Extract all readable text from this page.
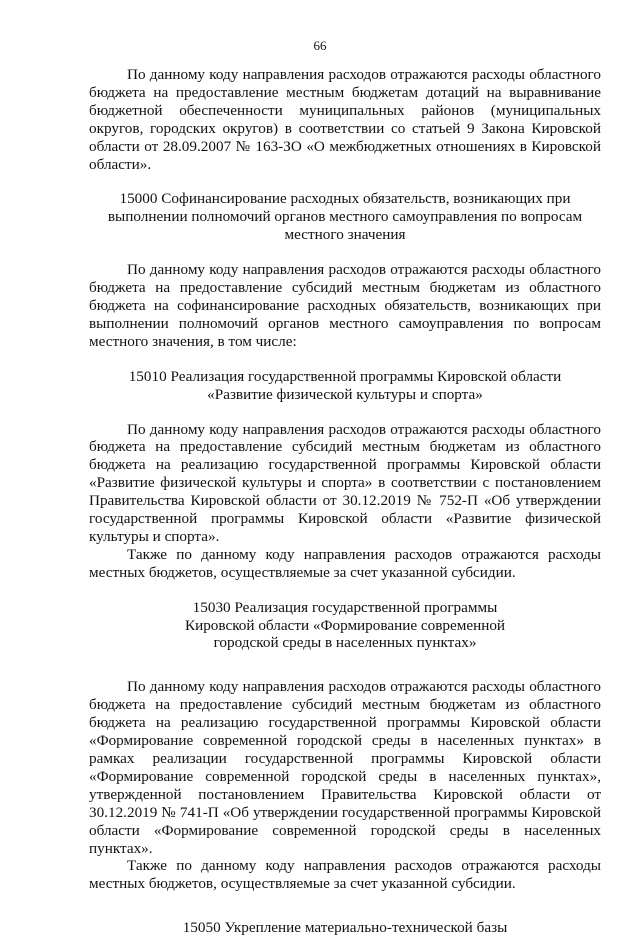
66

По данному коду направления расходов отражаются расходы областного бюджета на предоставление местным бюджетам дотаций на выравнивание бюджетной обеспеченности муниципальных районов (муниципальных округов, городских округов) в соответствии со статьей 9 Закона Кировской области от 28.09.2007 № 163-ЗО «О межбюджетных отношениях в Кировской области».

15000 Софинансирование расходных обязательств, возникающих при выполнении полномочий органов местного самоуправления по вопросам местного значения

По данному коду направления расходов отражаются расходы областного бюджета на предоставление субсидий местным бюджетам из областного бюджета на софинансирование расходных обязательств, возникающих при выполнении полномочий органов местного самоуправления по вопросам местного значения, в том числе:

15010 Реализация государственной программы Кировской области «Развитие физической культуры и спорта»

По данному коду направления расходов отражаются расходы областного бюджета на предоставление субсидий местным бюджетам из областного бюджета на реализацию государственной программы Кировской области «Развитие физической культуры и спорта» в соответствии с постановлением Правительства Кировской области от 30.12.2019 № 752-П «Об утверждении государственной программы Кировской области «Развитие физической культуры и спорта».

Также по данному коду направления расходов отражаются расходы местных бюджетов, осуществляемые за счет указанной субсидии.

15030 Реализация государственной программы Кировской области «Формирование современной городской среды в населенных пунктах»

По данному коду направления расходов отражаются расходы областного бюджета на предоставление субсидий местным бюджетам из областного бюджета на реализацию государственной программы Кировской области «Формирование современной городской среды в населенных пунктах» в рамках реализации государственной программы Кировской области «Формирование современной городской среды в населенных пунктах», утвержденной постановлением Правительства Кировской области от 30.12.2019 № 741-П «Об утверждении государственной программы Кировской области «Формирование современной городской среды в населенных пунктах».

Также по данному коду направления расходов отражаются расходы местных бюджетов, осуществляемые за счет указанной субсидии.

15050 Укрепление материально-технической базы
